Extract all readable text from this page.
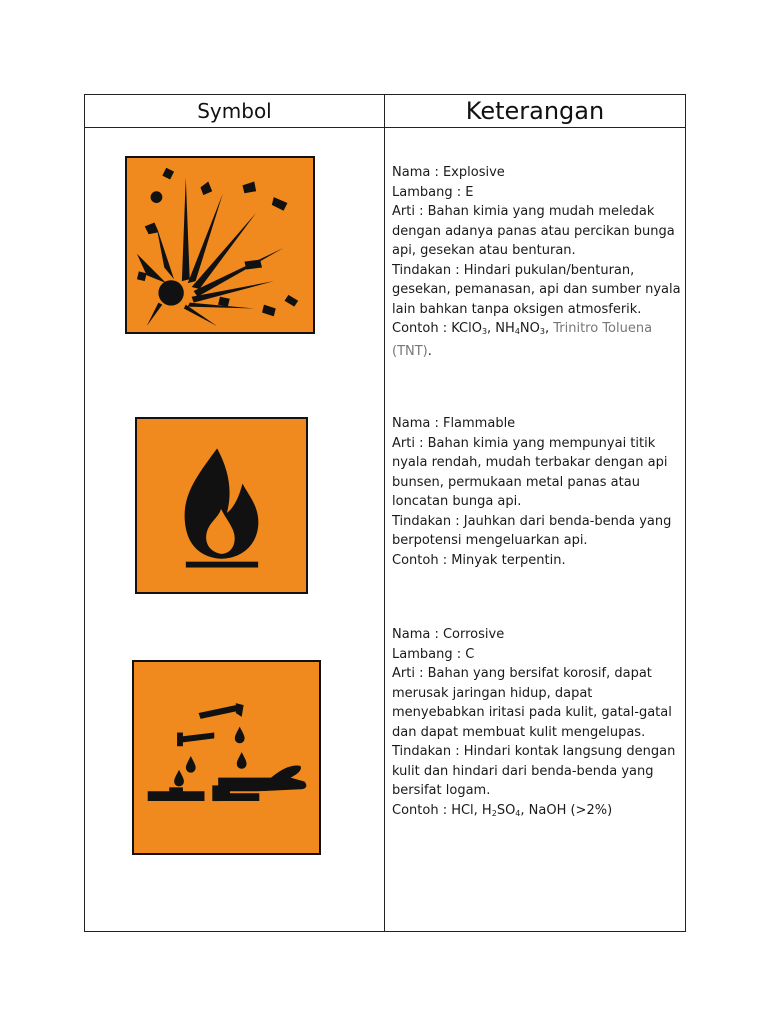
Symbol	Keterangan

Nama : Explosive

Lambang : E

Arti : Bahan kimia yang mudah meledak dengan adanya panas atau percikan bunga api, gesekan atau benturan.

Tindakan : Hindari pukulan/benturan, gesekan, pemanasan, api dan sumber nyala lain bahkan tanpa oksigen atmosferik.

Contoh : KClO$_3$, $NH_4NO_3$, Trinitro Toluena (TNT).

Nama : Flammable

Arti : Bahan kimia yang mempunyai titik nyala rendah, mudah terbakar dengan api bunsen, permukaan metal panas atau loncatan bunga api.

Tindakan : Jauhkan dari benda-benda yang berpotensi mengeluarkan api.

Contoh : Minyak terpentin.

Nama : Corrosive

Lambang : C

Arti : Bahan yang bersifat korosif, dapat merusak jaringan hidup, dapat menyebabkan iritasi pada kulit, gatal-gatal dan dapat membuat kulit mengelupas.

Tindakan : Hindari kontak langsung dengan kulit dan hindari dari benda-benda yang bersifat logam.

Contoh : HCl, $H_2SO_4$, NaOH (>2%)
